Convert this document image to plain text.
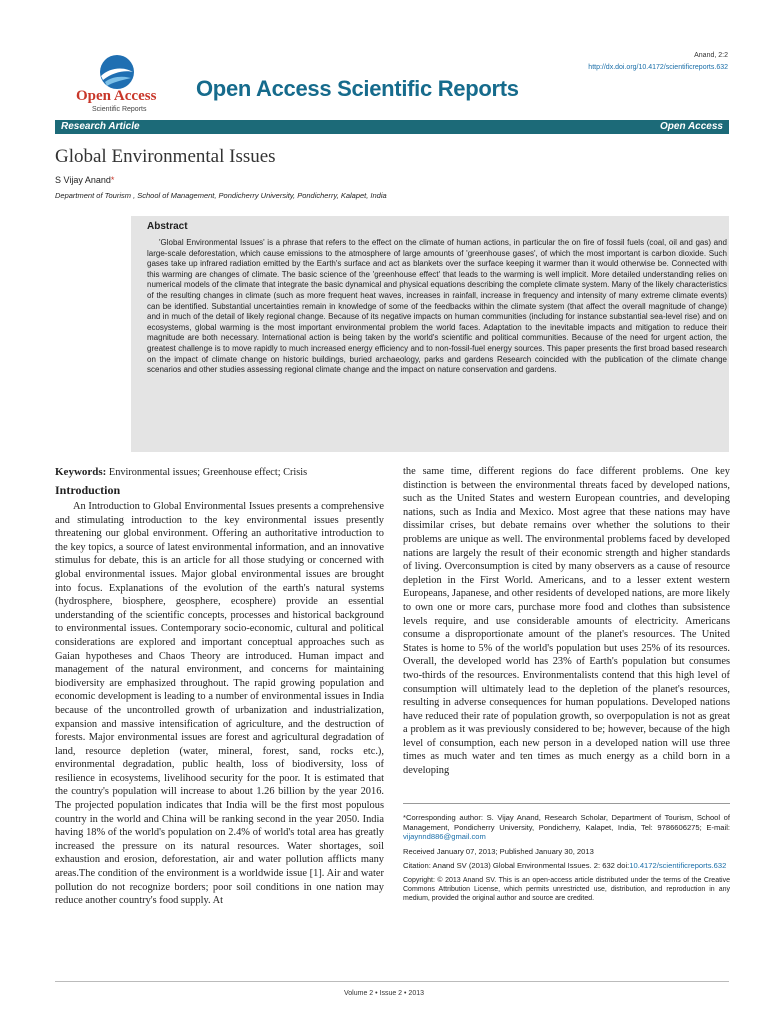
Open Access
Scientific Reports
Open Access Scientific Reports
Anand, 2:2
http://dx.doi.org/10.4172/scientificreports.632
Research Article	Open Access
Global Environmental Issues
S Vijay Anand*
Department of Tourism , School of Management, Pondicherry University, Pondicherry, Kalapet, India
Abstract
'Global Environmental Issues' is a phrase that refers to the effect on the climate of human actions, in particular the on fire of fossil fuels (coal, oil and gas) and large-scale deforestation, which cause emissions to the atmosphere of large amounts of 'greenhouse gases', of which the most important is carbon dioxide. Such gases take up infrared radiation emitted by the Earth's surface and act as blankets over the surface keeping it warmer than it would otherwise be. Connected with this warming are changes of climate. The basic science of the 'greenhouse effect' that leads to the warming is well implicit. More detailed understanding relies on numerical models of the climate that integrate the basic dynamical and physical equations describing the complete climate system. Many of the likely characteristics of the resulting changes in climate (such as more frequent heat waves, increases in rainfall, increase in frequency and intensity of many extreme climate events) can be identified. Substantial uncertainties remain in knowledge of some of the feedbacks within the climate system (that affect the overall magnitude of change) and in much of the detail of likely regional change. Because of its negative impacts on human communities (including for instance substantial sea-level rise) and on ecosystems, global warming is the most important environmental problem the world faces. Adaptation to the inevitable impacts and mitigation to reduce their magnitude are both necessary. International action is being taken by the world's scientific and political communities. Because of the need for urgent action, the greatest challenge is to move rapidly to much increased energy efficiency and to non-fossil-fuel energy sources. This paper presents the first broad based research on the impact of climate change on historic buildings, buried archaeology, parks and gardens Research coincided with the publication of the climate change scenarios and other studies assessing regional climate change and the impact on nature conservation and gardens.

Keywords: Environmental issues; Greenhouse effect; Crisis

Introduction

An Introduction to Global Environmental Issues presents a comprehensive and stimulating introduction to the key environmental issues presently threatening our global environment. Offering an authoritative introduction to the key topics, a source of latest environmental information, and an innovative stimulus for debate, this is an article for all those studying or concerned with global environmental issues. Major global environmental issues are brought into focus. Explanations of the evolution of the earth's natural systems (hydrosphere, biosphere, geosphere, ecosphere) provide an essential understanding of the scientific concepts, processes and historical background to environmental issues. Contemporary socio-economic, cultural and political considerations are explored and important conceptual approaches such as Gaian hypotheses and Chaos Theory are introduced. Human impact and management of the natural environment, and concerns for maintaining biodiversity are emphasized throughout. The rapid growing population and economic development is leading to a number of environmental issues in India because of the uncontrolled growth of urbanization and industrialization, expansion and massive intensification of agriculture, and the destruction of forests. Major environmental issues are forest and agricultural degradation of land, resource depletion (water, mineral, forest, sand, rocks etc.), environmental degradation, public health, loss of biodiversity, loss of resilience in ecosystems, livelihood security for the poor. It is estimated that the country's population will increase to about 1.26 billion by the year 2016. The projected population indicates that India will be the first most populous country in the world and China will be ranking second in the year 2050. India having 18% of the world's population on 2.4% of world's total area has greatly increased the pressure on its natural resources. Water shortages, soil exhaustion and erosion, deforestation, air and water pollution afflicts many areas.The condition of the environment is a worldwide issue [1]. Air and water pollution do not recognize borders; poor soil conditions in one nation may reduce another country's food supply. At

the same time, different regions do face different problems. One key distinction is between the environmental threats faced by developed nations, such as the United States and western European countries, and developing nations, such as India and Mexico. Most agree that these nations may have dissimilar crises, but debate remains over whether the solutions to their problems are unique as well. The environmental problems faced by developed nations are largely the result of their economic strength and higher standards of living. Overconsumption is cited by many observers as a cause of resource depletion in the First World. Americans, and to a lesser extent western Europeans, Japanese, and other residents of developed nations, are more likely to own one or more cars, purchase more food and clothes than subsistence levels require, and use considerable amounts of electricity. Americans consume a disproportionate amount of the planet's resources. The United States is home to 5% of the world's population but uses 25% of its resources. Overall, the developed world has 23% of Earth's population but consumes two-thirds of the resources. Environmentalists contend that this high level of consumption will ultimately lead to the depletion of the planet's resources, resulting in adverse consequences for human populations. Developed nations have reduced their rate of population growth, so overpopulation is not as great a problem as it was previously considered to be; however, because of the high level of consumption, each new person in a developed nation will use three times as much water and ten times as much energy as a child born in a developing

*Corresponding author: S. Vijay Anand, Research Scholar, Department of Tourism, School of Management, Pondicherry University, Pondicherry, Kalapet, India, Tel: 9786606275; E-mail: vijaynnd886@gmail.com

Received January 07, 2013; Published January 30, 2013

Citation: Anand SV (2013) Global Environmental Issues. 2: 632 doi:10.4172/scientificreports.632

Copyright: © 2013 Anand SV. This is an open-access article distributed under the terms of the Creative Commons Attribution License, which permits unrestricted use, distribution, and reproduction in any medium, provided the original author and source are credited.

Volume 2 • Issue 2 • 2013
